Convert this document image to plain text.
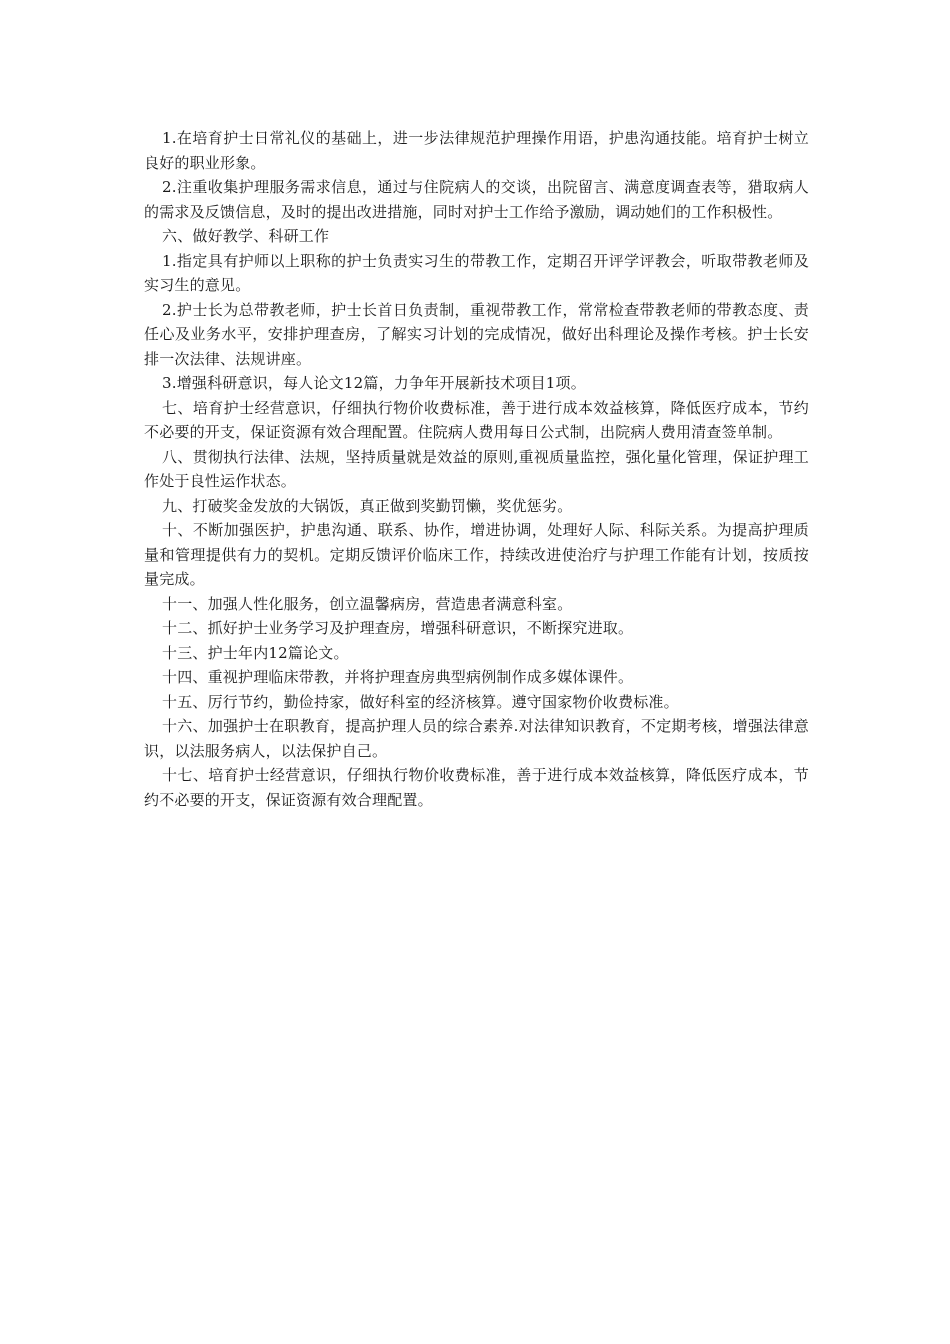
1.在培育护士日常礼仪的基础上，进一步法律规范护理操作用语，护患沟通技能。培育护士树立良好的职业形象。

2.注重收集护理服务需求信息，通过与住院病人的交谈，出院留言、满意度调查表等，猎取病人的需求及反馈信息，及时的提出改进措施，同时对护士工作给予激励，调动她们的工作积极性。

六、做好教学、科研工作

1.指定具有护师以上职称的护士负责实习生的带教工作，定期召开评学评教会，听取带教老师及实习生的意见。

2.护士长为总带教老师，护士长首日负责制，重视带教工作，常常检查带教老师的带教态度、责任心及业务水平，安排护理查房，了解实习计划的完成情况，做好出科理论及操作考核。护士长安排一次法律、法规讲座。

3.增强科研意识，每人论文12篇，力争年开展新技术项目1项。

七、培育护士经营意识，仔细执行物价收费标准，善于进行成本效益核算，降低医疗成本，节约不必要的开支，保证资源有效合理配置。住院病人费用每日公式制，出院病人费用清查签单制。

八、贯彻执行法律、法规，坚持质量就是效益的原则,重视质量监控，强化量化管理，保证护理工作处于良性运作状态。

九、打破奖金发放的大锅饭，真正做到奖勤罚懒，奖优惩劣。

十、不断加强医护，护患沟通、联系、协作，增进协调，处理好人际、科际关系。为提高护理质量和管理提供有力的契机。定期反馈评价临床工作，持续改进使治疗与护理工作能有计划，按质按量完成。

十一、加强人性化服务，创立温馨病房，营造患者满意科室。

十二、抓好护士业务学习及护理查房，增强科研意识，不断探究进取。

十三、护士年内12篇论文。

十四、重视护理临床带教，并将护理查房典型病例制作成多媒体课件。

十五、厉行节约，勤俭持家，做好科室的经济核算。遵守国家物价收费标准。

十六、加强护士在职教育，提高护理人员的综合素养.对法律知识教育，不定期考核，增强法律意识，以法服务病人，以法保护自己。

十七、培育护士经营意识，仔细执行物价收费标准，善于进行成本效益核算，降低医疗成本，节约不必要的开支，保证资源有效合理配置。
